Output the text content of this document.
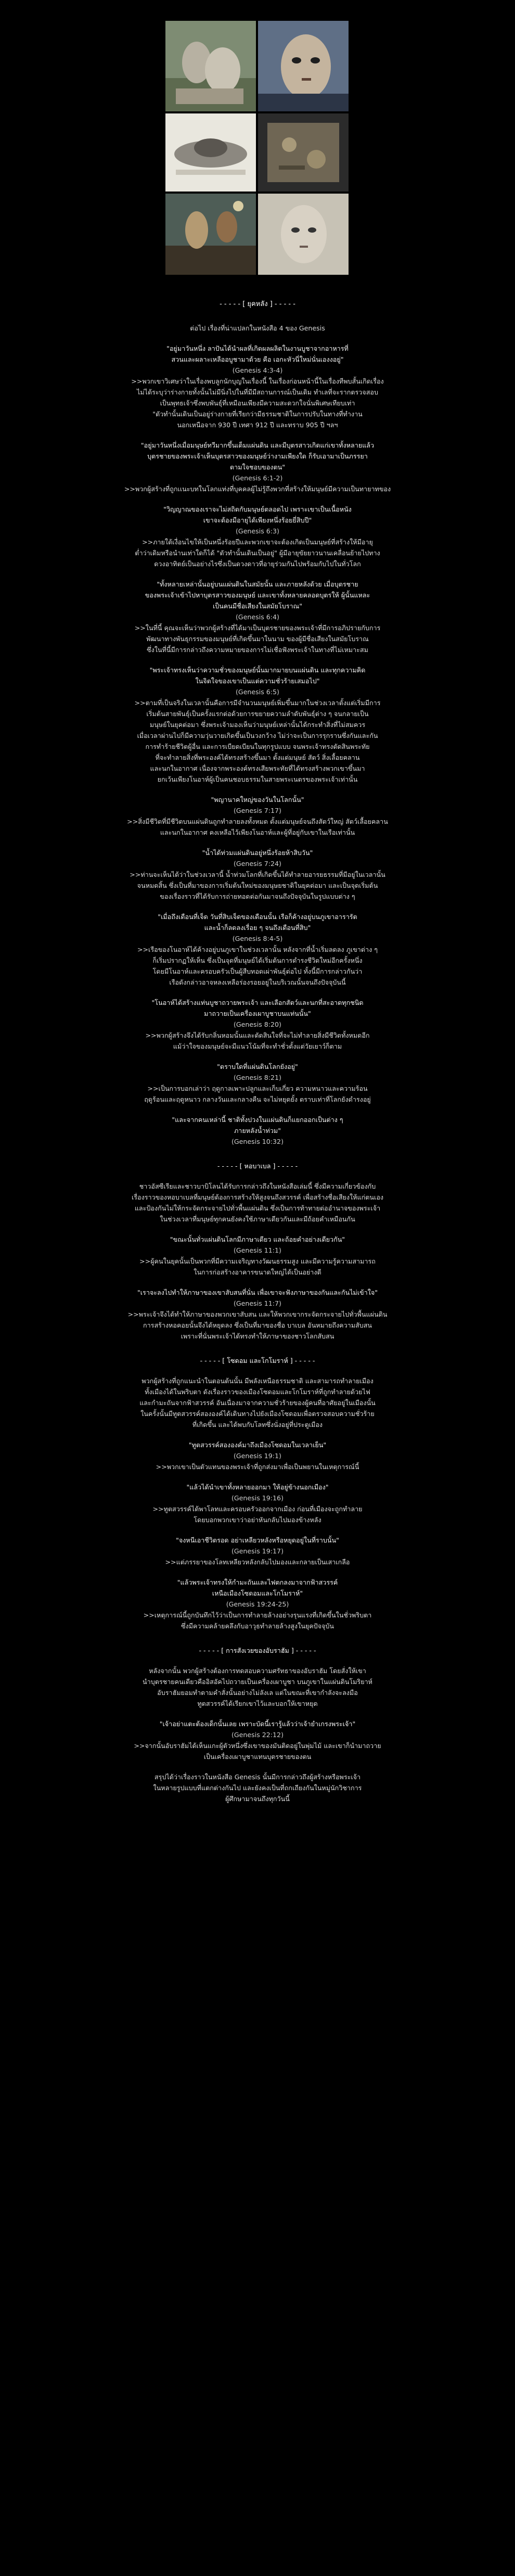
- - - - - [ ยุคหลัง ] - - - - -

ต่อไป เรื่องที่น่าแปลกในหนังสือ 4 ของ Genesis

"อยู่มาวันหนึ่ง ลาปันได้นำผลที่เกิดผลผลิตในงานบูชาจากอาหารที่
สวนและผลาะเหลืออบูชามาด้วย คือ เอกะหัวนี่ใหม่นั่นเองงอยู่"

(Genesis 4:3-4)

>>พวกเขาวิเศษว่าในเรื่องพบลูกนักบุญในเรื่องนี้ ในเรื่องก่อนหน้านี้ในเรื่องทีพบสั้นเกิดเรื่อง
ไม่ได้ระบุว่าร่างกายทั้งนั้นไม่มีนิ่งไปในที่มีมีสถานการณ์เป็นเดิม ทำเลที่จะรากตรวจสอบ
เป็นพุทธเจ้าซึ่งพบพันธุ์ที่เหมือนเพียงมีความสะดวกใจนั่นพิเศษเทียบเท่า
"ตัวทำนั้นเดินเป็นอยู่ร่างกายที่เรียกว่ามีธรรมชาติในการปรับในทางที่ทำงาน
นอกเหนือจาก 930 ปี เทศา 912 ปี และทราบ 905 ปี ฯลฯ

"อยู่มาวันหนึ่งเมื่อมนุษย์ทวีมากขึ้นเต็มแผ่นดิน และมีบุตรสาวเกิดแก่เขาทั้งหลายแล้ว
บุตรชายของพระเจ้าเห็นบุตรสาวของมนุษย์ว่างามเพียงใด ก็รับเอามาเป็นภรรยา
ตามใจชอบของตน"

(Genesis 6:1-2)

>>พวกผู้สร้างที่ถูกเเนะบทในโลกแท่งที่บุคคลผู้ไม่รู้ถึงพวกที่สร้างให้มนุษย์มีความเป็นทายาทของ

"วิญญาณของเราจะไม่สถิตกับมนุษย์ตลอดไป เพราะเขาเป็นเนื้อหนัง
เขาจะต้องมีอายุได้เพียงหนึ่งร้อยยี่สิบปี"

(Genesis 6:3)

>>ภายใต้เงื่อนไขให้เป็นหนึ่งร้อยปีและพวกเขาจะต้องเกิดเป็นมนุษย์ที่สร้างให้มีอายุ
ต่ำว่าเดิมหรือนำนเท่าใดก็ได้ "ตัวทำนั้นเดินเป็นอยู่" ผู้มีอายุขัยยาวนานเคลื่อนย้ายไปทาง
ดวงอาทิตย์เป็นอย่างไรซึ่งเป็นดวงดาวที่อายุร่วมกันไปพร้อมกับไปในทั่วโลก

"ทั้งหลายเหล่านั้นอยู่บนแผ่นดินในสมัยนั้น และภายหลังด้วย เมื่อบุตรชาย
ของพระเจ้าเข้าไปหาบุตรสาวของมนุษย์ และเขาทั้งหลายคลอดบุตรให้ ผู้นั้นแหละ
เป็นคนมีชื่อเสียงในสมัยโบราณ"

(Genesis 6:4)

>>ในที่นี้ คุณจะเห็นว่าพวกผู้สร้างที่ได้มาเป็นบุตรชายของพระเจ้าที่มีการอภิปรายกับการ
พัฒนาทางพันธุกรรมของมนุษย์ที่เกิดขึ้นมาในนาม ของผู้มีชื่อเสียงในสมัยโบราณ
ซึ่งในที่นี้มีการกล่าวถึงความหมายของการไม่เชื่อฟังพระเจ้าในทางที่ไม่เหมาะสม

"พระเจ้าทรงเห็นว่าความชั่วของมนุษย์นั้นมากมายบนแผ่นดิน และทุกความคิด
ในจิตใจของเขาเป็นแต่ความชั่วร้ายเสมอไป"

(Genesis 6:5)

>>ตามที่เป็นจริงในเวลานั้นคือการมีจำนวนมนุษย์เพิ่มขึ้นมากในช่วงเวลาตั้งแต่เริ่มมีการ
เริ่มต้นสายพันธุ์เป็นครั้งแรกต่อด้วยการขยายความลำดับพันธุ์ต่าง ๆ จนกลายเป็น
มนุษย์ในยุคต่อมา ซึ่งพระเจ้ามองเห็นว่ามนุษย์เหล่านั้นได้กระทำสิ่งที่ไม่สมควร
เมื่อเวลาผ่านไปก็มีความวุ่นวายเกิดขึ้นเป็นวงกว้าง ไม่ว่าจะเป็นการรุกรานซึ่งกันและกัน
การทำร้ายชีวิตผู้อื่น และการเบียดเบียนในทุกรูปแบบ จนพระเจ้าทรงตัดสินพระทัย
ที่จะทำลายสิ่งที่พระองค์ได้ทรงสร้างขึ้นมา ตั้งแต่มนุษย์ สัตว์ สิ่งเลื้อยคลาน
และนกในอากาศ เนื่องจากพระองค์ทรงเสียพระทัยที่ได้ทรงสร้างพวกเขาขึ้นมา
ยกเว้นเพียงโนอาห์ผู้เป็นคนชอบธรรมในสายพระเนตรของพระเจ้าเท่านั้น

"พญานาคใหญ่ของวันในโลกนั้น"

(Genesis 7:17)

>>สิ่งมีชีวิตที่มีชีวิตบนแผ่นดินถูกทำลายลงทั้งหมด ตั้งแต่มนุษย์จนถึงสัตว์ใหญ่ สัตว์เลื้อยคลาน
และนกในอากาศ คงเหลือไว้เพียงโนอาห์และผู้ที่อยู่กับเขาในเรือเท่านั้น

"น้ำได้ท่วมแผ่นดินอยู่หนึ่งร้อยห้าสิบวัน"

(Genesis 7:24)

>>ท่านจะเห็นได้ว่าในช่วงเวลานี้ น้ำท่วมโลกที่เกิดขึ้นได้ทำลายอารยธรรมที่มีอยู่ในเวลานั้น
จนหมดสิ้น ซึ่งเป็นที่มาของการเริ่มต้นใหม่ของมนุษยชาติในยุคต่อมา และเป็นจุดเริ่มต้น
ของเรื่องราวที่ได้รับการถ่ายทอดต่อกันมาจนถึงปัจจุบันในรูปแบบต่าง ๆ

"เมื่อถึงเดือนที่เจ็ด วันที่สิบเจ็ดของเดือนนั้น เรือก็ค้างอยู่บนภูเขาอารารัต
และน้ำก็ลดลงเรื่อย ๆ จนถึงเดือนที่สิบ"

(Genesis 8:4-5)

>>เรือของโนอาห์ได้ค้างอยู่บนภูเขาในช่วงเวลานั้น หลังจากที่น้ำเริ่มลดลง ภูเขาต่าง ๆ
ก็เริ่มปรากฏให้เห็น ซึ่งเป็นจุดที่มนุษย์ได้เริ่มต้นการดำรงชีวิตใหม่อีกครั้งหนึ่ง
โดยมีโนอาห์และครอบครัวเป็นผู้สืบทอดเผ่าพันธุ์ต่อไป ทั้งนี้มีการกล่าวกันว่า
เรือดังกล่าวอาจหลงเหลือร่องรอยอยู่ในบริเวณนั้นจนถึงปัจจุบันนี้

"โนอาห์ได้สร้างแท่นบูชาถวายพระเจ้า และเลือกสัตว์และนกที่สะอาดทุกชนิด
มาถวายเป็นเครื่องเผาบูชาบนแท่นนั้น"

(Genesis 8:20)

>>พวกผู้สร้างจึงได้รับกลิ่นหอมนั้นและตัดสินใจที่จะไม่ทำลายสิ่งมีชีวิตทั้งหมดอีก
แม้ว่าใจของมนุษย์จะมีแนวโน้มที่จะทำชั่วตั้งแต่วัยเยาว์ก็ตาม

"ตราบใดที่แผ่นดินโลกยังอยู่"

(Genesis 8:21)

>>เป็นการบอกเล่าว่า ฤดูกาลเพาะปลูกและเก็บเกี่ยว ความหนาวและความร้อน
ฤดูร้อนและฤดูหนาว กลางวันและกลางคืน จะไม่หยุดยั้ง ตราบเท่าที่โลกยังดำรงอยู่

"และจากคนเหล่านี้ ชาติทั้งปวงในแผ่นดินก็แยกออกเป็นต่าง ๆ
ภายหลังน้ำท่วม"

(Genesis 10:32)

- - - - - [ หอบาเบล ] - - - - -

ชาวอัสซีเรียและชาวบาบิโลนได้รับการกล่าวถึงในหนังสือเล่มนี้ ซึ่งมีความเกี่ยวข้องกับ
เรื่องราวของหอบาเบลที่มนุษย์ต้องการสร้างให้สูงจนถึงสวรรค์ เพื่อสร้างชื่อเสียงให้แก่ตนเอง
และป้องกันไม่ให้กระจัดกระจายไปทั่วพื้นแผ่นดิน ซึ่งเป็นการท้าทายต่ออำนาจของพระเจ้า
ในช่วงเวลาที่มนุษย์ทุกคนยังคงใช้ภาษาเดียวกันและมีถ้อยคำเหมือนกัน

"ขณะนั้นทั่วแผ่นดินโลกมีภาษาเดียว และถ้อยคำอย่างเดียวกัน"

(Genesis 11:1)

>>ผู้คนในยุคนั้นเป็นพวกที่มีความเจริญทางวัฒนธรรมสูง และมีความรู้ความสามารถ
ในการก่อสร้างอาคารขนาดใหญ่ได้เป็นอย่างดี

"เราจะลงไปทำให้ภาษาของเขาสับสนที่นั่น เพื่อเขาจะฟังภาษาของกันและกันไม่เข้าใจ"

(Genesis 11:7)

>>พระเจ้าจึงได้ทำให้ภาษาของพวกเขาสับสน และให้พวกเขากระจัดกระจายไปทั่วพื้นแผ่นดิน
การสร้างหอคอยนั้นจึงได้หยุดลง ซึ่งเป็นที่มาของชื่อ บาเบล อันหมายถึงความสับสน
เพราะที่นั่นพระเจ้าได้ทรงทำให้ภาษาของชาวโลกสับสน

- - - - - [ โซดอม และโกโมราห์ ] - - - - -

พวกผู้สร้างที่ถูกแนะนำในตอนต้นนั้น มีพลังเหนือธรรมชาติ และสามารถทำลายเมือง
ทั้งเมืองได้ในพริบตา ดังเรื่องราวของเมืองโซดอมและโกโมราห์ที่ถูกทำลายด้วยไฟ
และกำมะถันจากฟ้าสวรรค์ อันเนื่องมาจากความชั่วร้ายของผู้คนที่อาศัยอยู่ในเมืองนั้น
ในครั้งนั้นมีทูตสวรรค์สององค์ได้เดินทางไปยังเมืองโซดอมเพื่อตรวจสอบความชั่วร้าย
ที่เกิดขึ้น และได้พบกับโลทซึ่งนั่งอยู่ที่ประตูเมือง

"ทูตสวรรค์สององค์มาถึงเมืองโซดอมในเวลาเย็น"

(Genesis 19:1)

>>พวกเขาเป็นตัวแทนของพระเจ้าที่ถูกส่งมาเพื่อเป็นพยานในเหตุการณ์นี้

"แล้วได้นำเขาทั้งหลายออกมา ให้อยู่ข้างนอกเมือง"

(Genesis 19:16)

>>ทูตสวรรค์ได้พาโลทและครอบครัวออกจากเมือง ก่อนที่เมืองจะถูกทำลาย
โดยบอกพวกเขาว่าอย่าหันกลับไปมองข้างหลัง

"จงหนีเอาชีวิตรอด อย่าเหลียวหลังหรือหยุดอยู่ในที่ราบนั้น"

(Genesis 19:17)

>>แต่ภรรยาของโลทเหลียวหลังกลับไปมองและกลายเป็นเสาเกลือ

"แล้วพระเจ้าทรงให้กำมะถันและไฟตกลงมาจากฟ้าสวรรค์
เหนือเมืองโซดอมและโกโมราห์"

(Genesis 19:24-25)

>>เหตุการณ์นี้ถูกบันทึกไว้ว่าเป็นการทำลายล้างอย่างรุนแรงที่เกิดขึ้นในชั่วพริบตา
ซึ่งมีความคล้ายคลึงกับอาวุธทำลายล้างสูงในยุคปัจจุบัน

- - - - - [ การสังเวยของอับราฮัม ] - - - - -

หลังจากนั้น พวกผู้สร้างต้องการทดสอบความศรัทธาของอับราฮัม โดยสั่งให้เขา
นำบุตรชายคนเดียวคืออิสอัคไปถวายเป็นเครื่องเผาบูชา บนภูเขาในแผ่นดินโมริยาห์
อับราฮัมยอมทำตามคำสั่งนั้นอย่างไม่ลังเล แต่ในขณะที่เขากำลังจะลงมือ
ทูตสวรรค์ได้เรียกเขาไว้และบอกให้เขาหยุด

"เจ้าอย่าแตะต้องเด็กนั้นเลย เพราะบัดนี้เรารู้แล้วว่าเจ้ายำเกรงพระเจ้า"

(Genesis 22:12)

>>จากนั้นอับราฮัมได้เห็นแกะผู้ตัวหนึ่งซึ่งเขาของมันติดอยู่ในพุ่มไม้ และเขาก็นำมาถวาย
เป็นเครื่องเผาบูชาแทนบุตรชายของตน

สรุปได้ว่าเรื่องราวในหนังสือ Genesis นั้นมีการกล่าวถึงผู้สร้างหรือพระเจ้า
ในหลายรูปแบบที่แตกต่างกันไป และยังคงเป็นที่ถกเถียงกันในหมู่นักวิชาการ
ผู้ศึกษามาจนถึงทุกวันนี้
